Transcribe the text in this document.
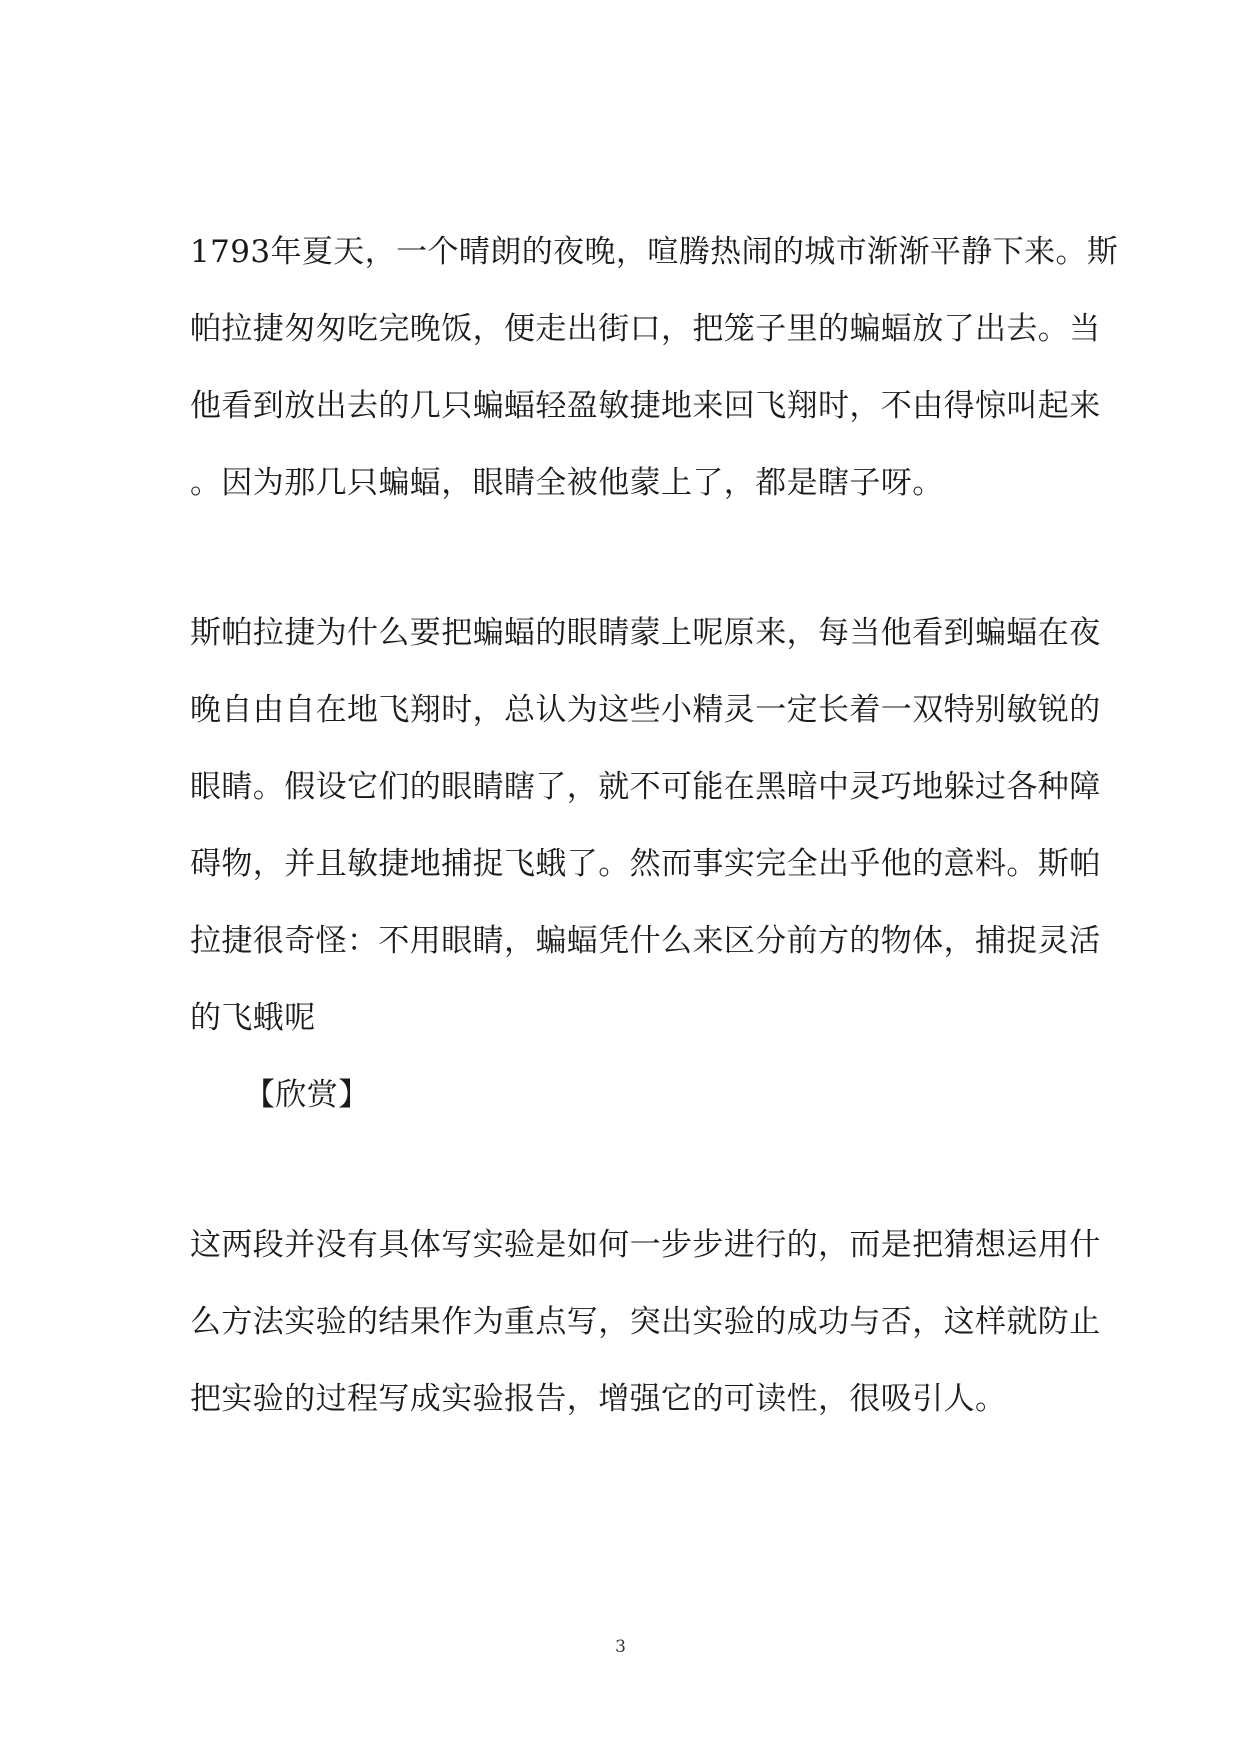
1793年夏天，一个晴朗的夜晚，喧腾热闹的城市渐渐平静下来。斯
帕拉捷匆匆吃完晚饭，便走出街口，把笼子里的蝙蝠放了出去。当
他看到放出去的几只蝙蝠轻盈敏捷地来回飞翔时，不由得惊叫起来
。因为那几只蝙蝠，眼睛全被他蒙上了，都是瞎子呀。
斯帕拉捷为什么要把蝙蝠的眼睛蒙上呢原来，每当他看到蝙蝠在夜
晚自由自在地飞翔时，总认为这些小精灵一定长着一双特别敏锐的
眼睛。假设它们的眼睛瞎了，就不可能在黑暗中灵巧地躲过各种障
碍物，并且敏捷地捕捉飞蛾了。然而事实完全出乎他的意料。斯帕
拉捷很奇怪：不用眼睛，蝙蝠凭什么来区分前方的物体，捕捉灵活
的飞蛾呢
【欣赏】
这两段并没有具体写实验是如何一步步进行的，而是把猜想运用什
么方法实验的结果作为重点写，突出实验的成功与否，这样就防止
把实验的过程写成实验报告，增强它的可读性，很吸引人。
3
